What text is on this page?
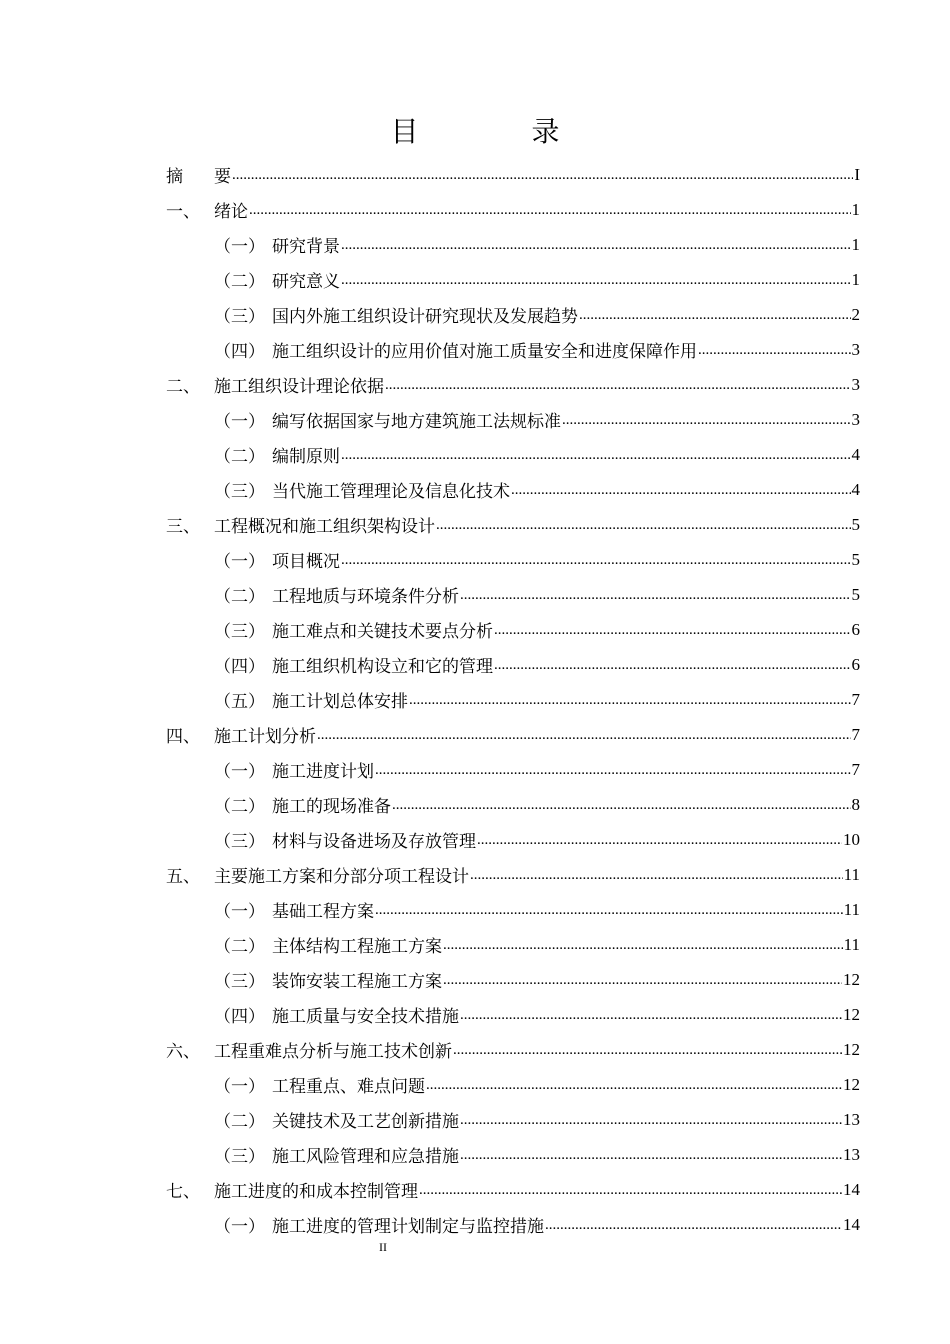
目 录
摘	要 .....	I
一、 绪论 .....	1
（一） 研究背景 .....	1
（二） 研究意义 .....	1
（三） 国内外施工组织设计研究现状及发展趋势 .....	2
（四） 施工组织设计的应用价值对施工质量安全和进度保障作用 .....	3
二、 施工组织设计理论依据 .....	3
（一） 编写依据国家与地方建筑施工法规标准 .....	3
（二） 编制原则 .....	4
（三） 当代施工管理理论及信息化技术 .....	4
三、 工程概况和施工组织架构设计 .....	5
（一） 项目概况 .....	5
（二） 工程地质与环境条件分析 .....	5
（三） 施工难点和关键技术要点分析 .....	6
（四） 施工组织机构设立和它的管理 .....	6
（五） 施工计划总体安排 .....	7
四、 施工计划分析 .....	7
（一） 施工进度计划 .....	7
（二） 施工的现场准备 .....	8
（三） 材料与设备进场及存放管理 .....	10
五、 主要施工方案和分部分项工程设计 .....	11
（一） 基础工程方案 .....	11
（二） 主体结构工程施工方案 .....	11
（三） 装饰安装工程施工方案 .....	12
（四） 施工质量与安全技术措施 .....	12
六、 工程重难点分析与施工技术创新 .....	12
（一） 工程重点、难点问题 .....	12
（二） 关键技术及工艺创新措施 .....	13
（三） 施工风险管理和应急措施 .....	13
七、 施工进度的和成本控制管理 .....	14
（一） 施工进度的管理计划制定与监控措施 .....	14
II
